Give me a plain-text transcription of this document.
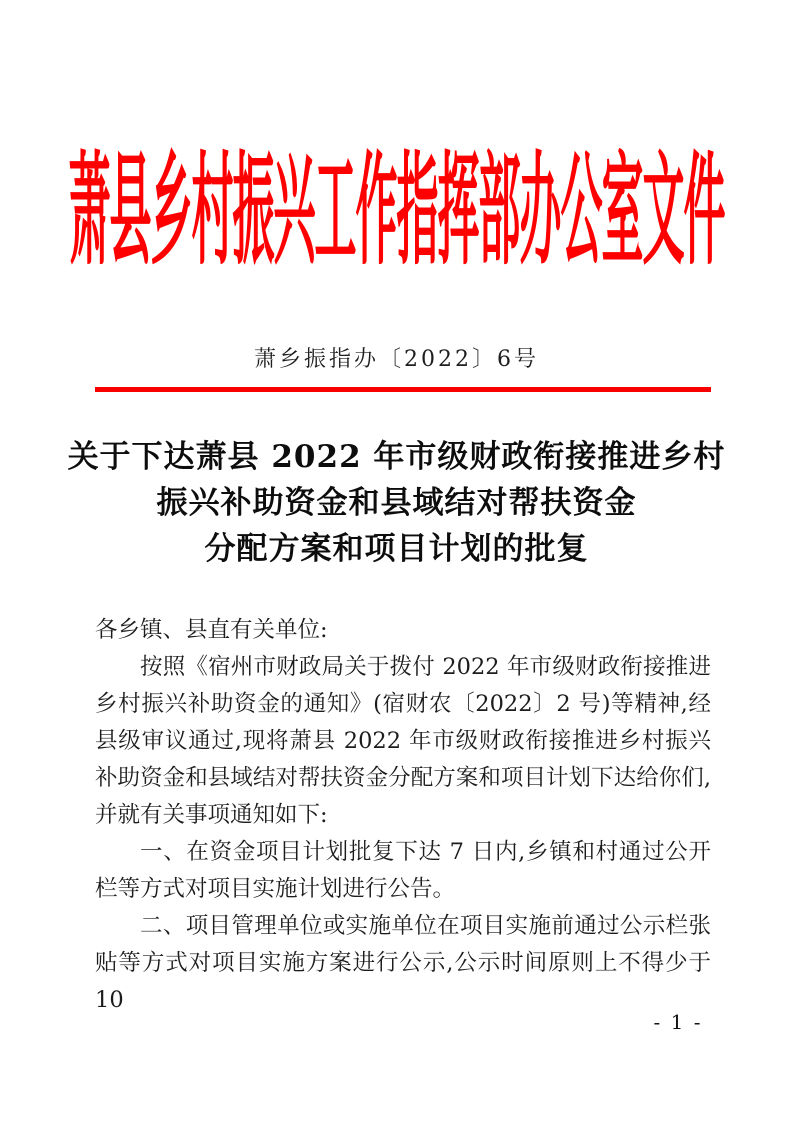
萧县乡村振兴工作指挥部办公室文件
萧乡振指办〔2022〕6号
关于下达萧县 2022 年市级财政衔接推进乡村
振兴补助资金和县域结对帮扶资金
分配方案和项目计划的批复

各乡镇、县直有关单位:

按照《宿州市财政局关于拨付 2022 年市级财政衔接推进乡村振兴补助资金的通知》(宿财农〔2022〕2 号)等精神,经县级审议通过,现将萧县 2022 年市级财政衔接推进乡村振兴补助资金和县域结对帮扶资金分配方案和项目计划下达给你们,并就有关事项通知如下:

一、在资金项目计划批复下达 7 日内,乡镇和村通过公开栏等方式对项目实施计划进行公告。

二、项目管理单位或实施单位在项目实施前通过公示栏张贴等方式对项目实施方案进行公示,公示时间原则上不得少于 10

- 1 -
